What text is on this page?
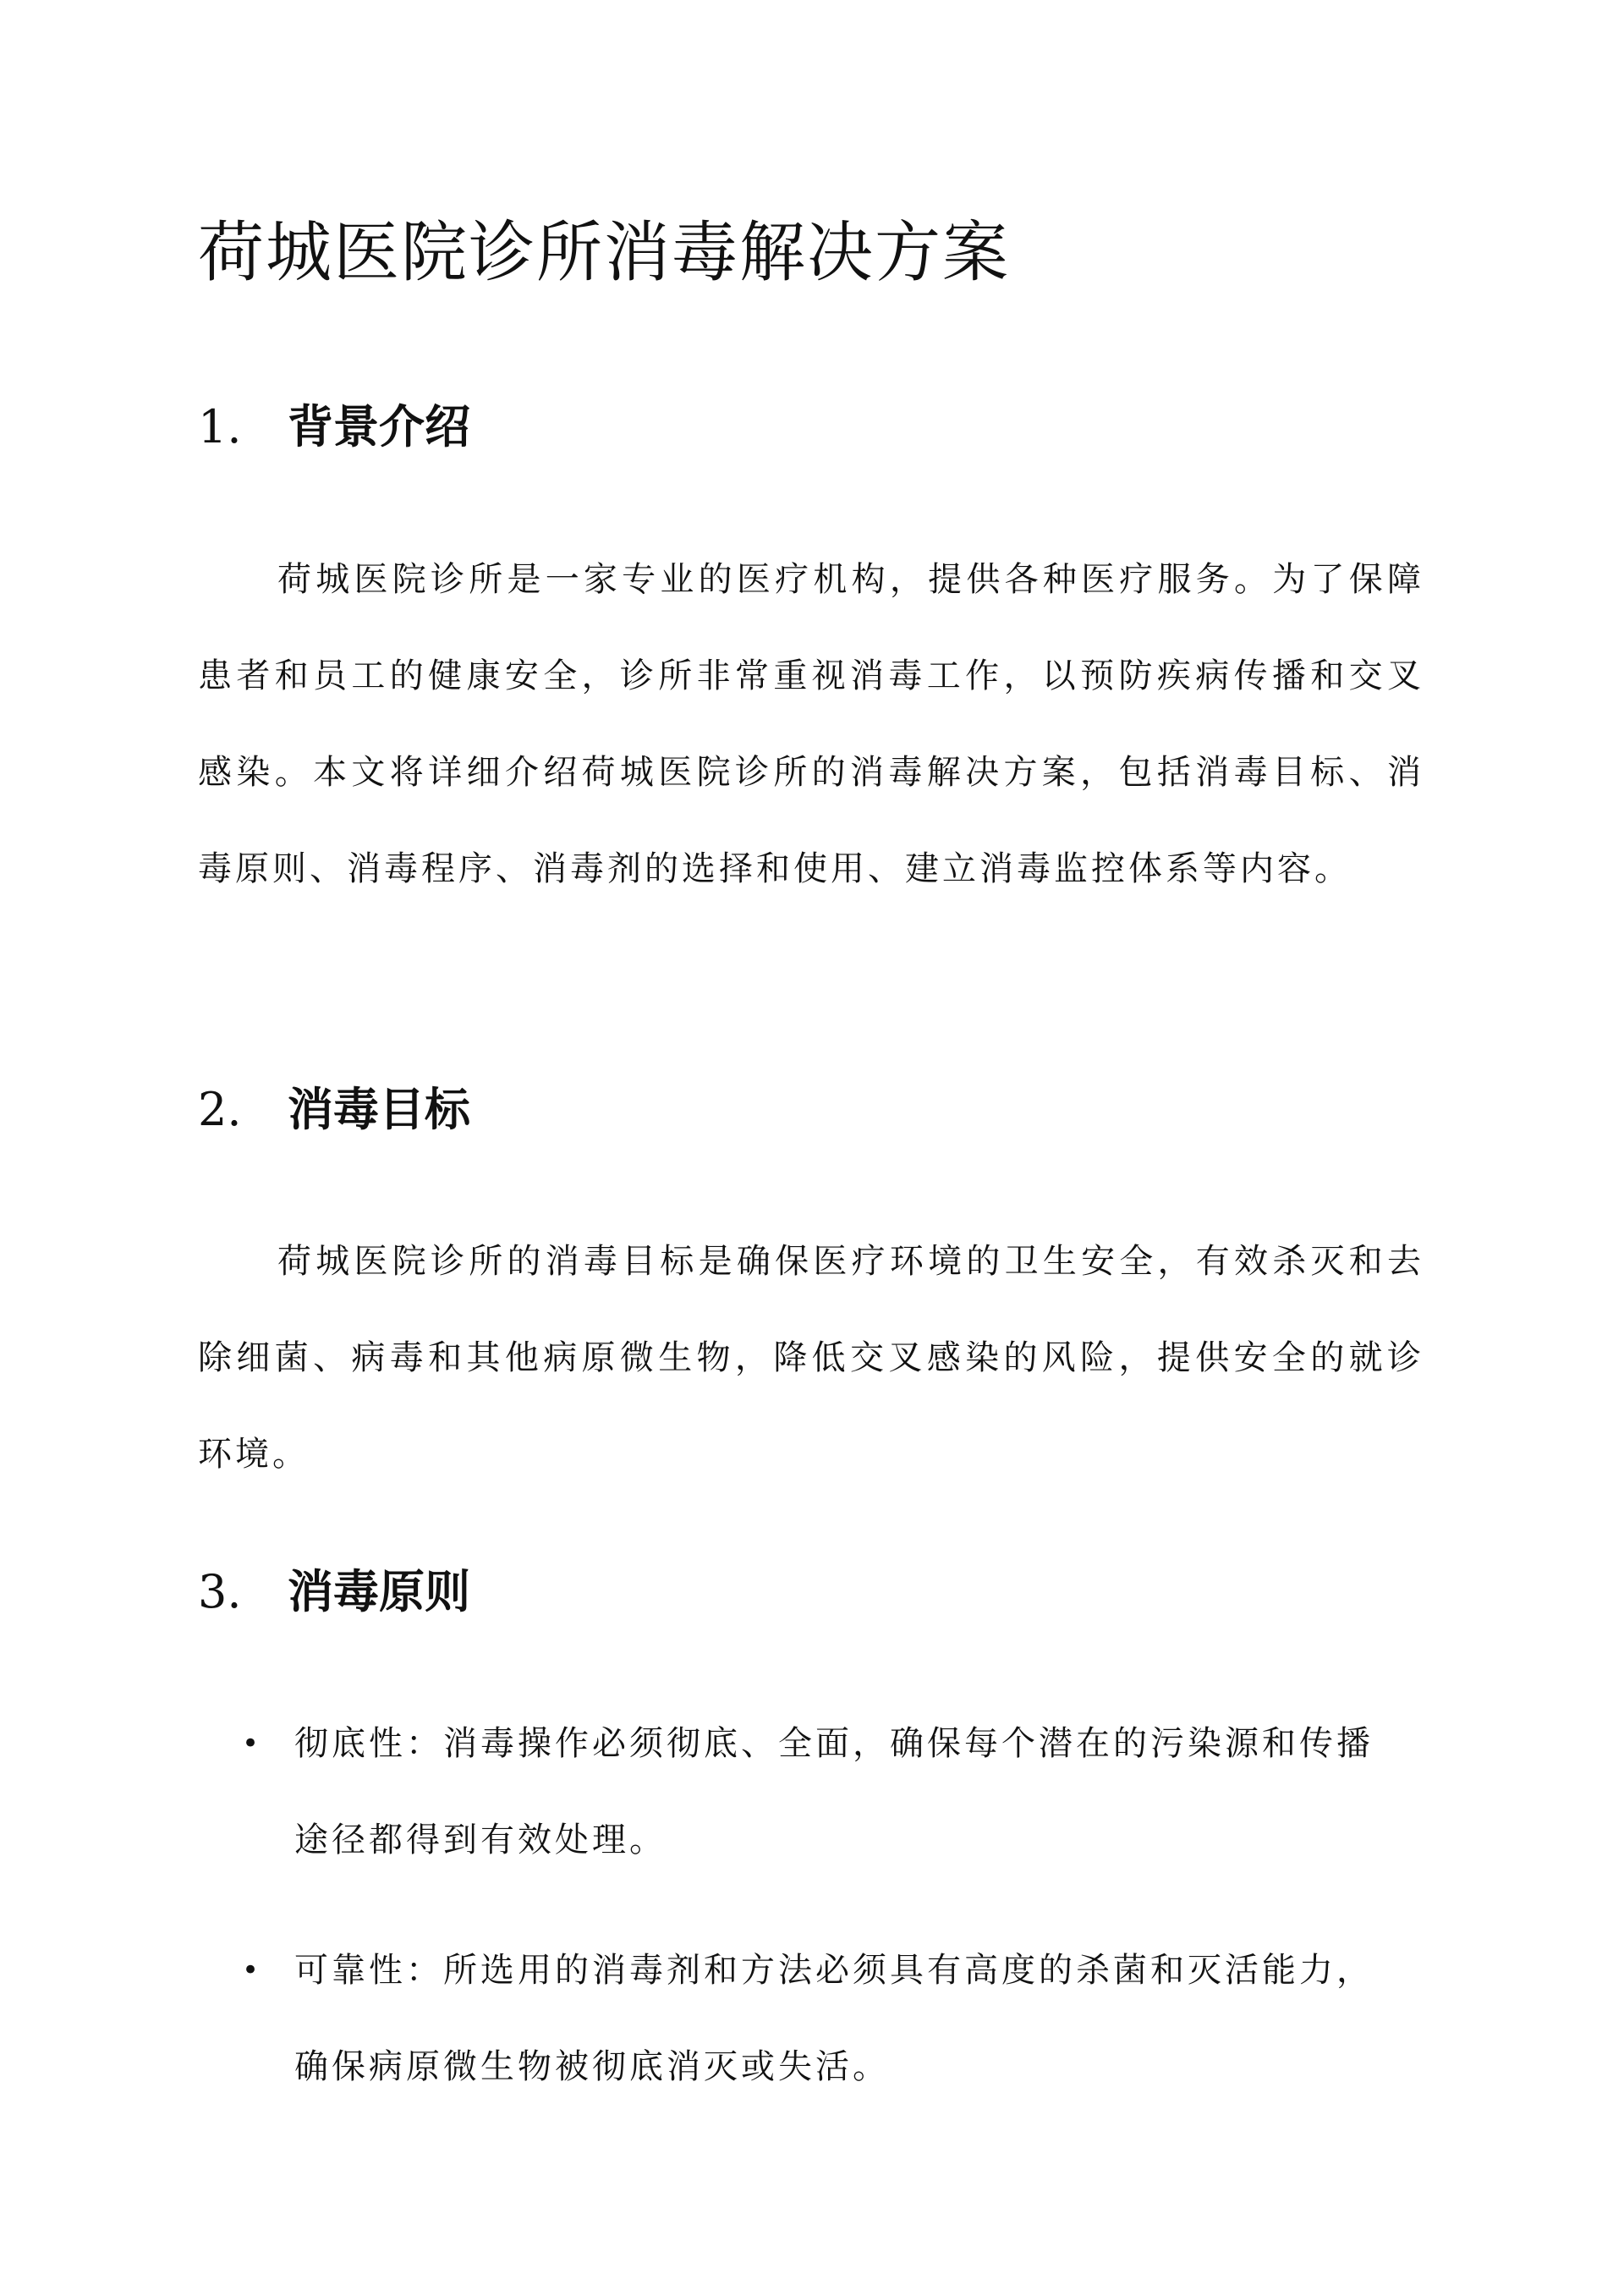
荷城医院诊所消毒解决方案
1. 背景介绍

荷城医院诊所是一家专业的医疗机构，提供各种医疗服务。为了保障患者和员工的健康安全，诊所非常重视消毒工作，以预防疾病传播和交叉感染。本文将详细介绍荷城医院诊所的消毒解决方案，包括消毒目标、消毒原则、消毒程序、消毒剂的选择和使用、建立消毒监控体系等内容。

2. 消毒目标

荷城医院诊所的消毒目标是确保医疗环境的卫生安全，有效杀灭和去除细菌、病毒和其他病原微生物，降低交叉感染的风险，提供安全的就诊环境。

3. 消毒原则
• 彻底性：消毒操作必须彻底、全面，确保每个潜在的污染源和传播途径都得到有效处理。
• 可靠性：所选用的消毒剂和方法必须具有高度的杀菌和灭活能力，确保病原微生物被彻底消灭或失活。
